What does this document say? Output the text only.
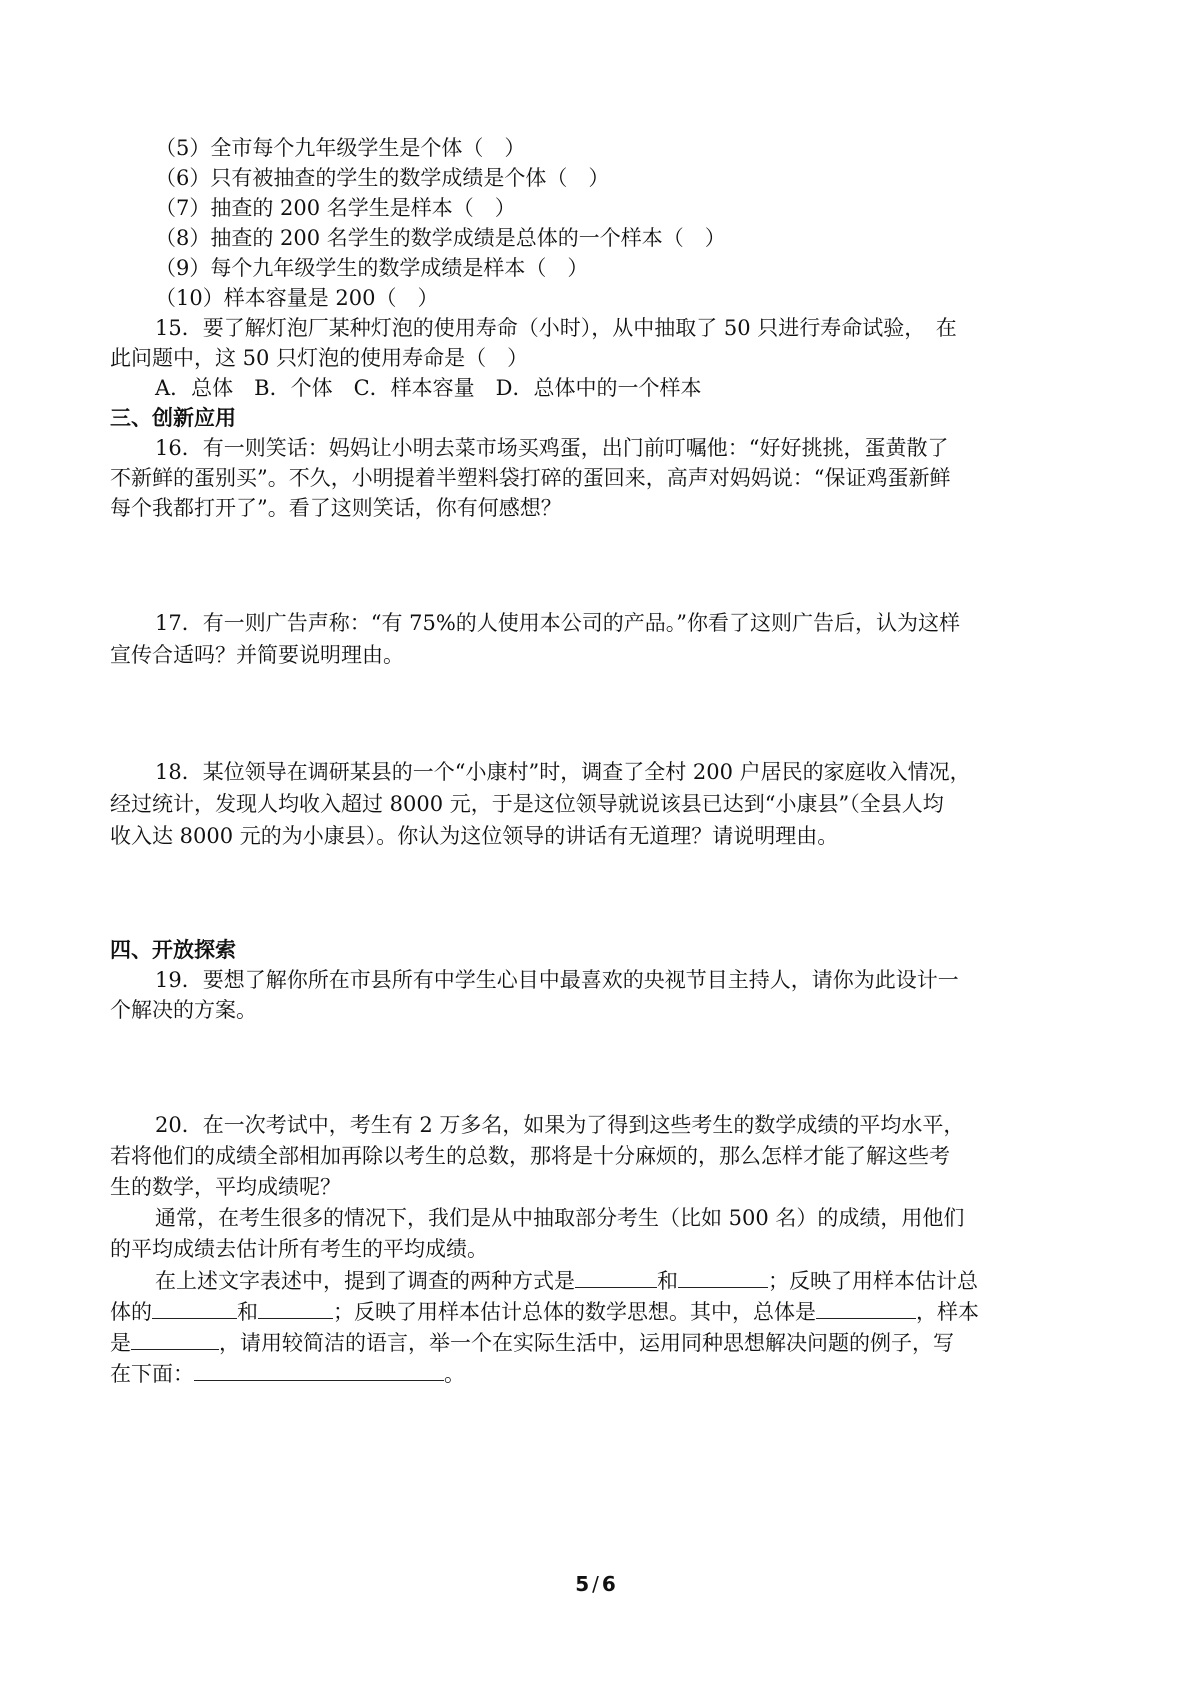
（5）全市每个九年级学生是个体（　）
（6）只有被抽查的学生的数学成绩是个体（　）
（7）抽查的 200 名学生是样本（　）
（8）抽查的 200 名学生的数学成绩是总体的一个样本（　）
（9）每个九年级学生的数学成绩是样本（　）
（10）样本容量是 200（　）
15．要了解灯泡厂某种灯泡的使用寿命（小时），从中抽取了 50 只进行寿命试验，　在
此问题中，这 50 只灯泡的使用寿命是（　）
A．总体　B．个体　C．样本容量　D．总体中的一个样本
三、创新应用
16．有一则笑话：妈妈让小明去菜市场买鸡蛋，出门前叮嘱他：“好好挑挑，蛋黄散了
不新鲜的蛋别买”。不久，小明提着半塑料袋打碎的蛋回来，高声对妈妈说：“保证鸡蛋新鲜
每个我都打开了”。看了这则笑话，你有何感想？
17．有一则广告声称：“有 75%的人使用本公司的产品。”你看了这则广告后，认为这样
宣传合适吗？并简要说明理由。
18．某位领导在调研某县的一个“小康村”时，调查了全村 200 户居民的家庭收入情况，
经过统计，发现人均收入超过 8000 元，于是这位领导就说该县已达到“小康县”（全县人均
收入达 8000 元的为小康县）。你认为这位领导的讲话有无道理？请说明理由。
四、开放探索
19．要想了解你所在市县所有中学生心目中最喜欢的央视节目主持人，请你为此设计一
个解决的方案。
20．在一次考试中，考生有 2 万多名，如果为了得到这些考生的数学成绩的平均水平，
若将他们的成绩全部相加再除以考生的总数，那将是十分麻烦的，那么怎样才能了解这些考
生的数学，平均成绩呢？
通常，在考生很多的情况下，我们是从中抽取部分考生（比如 500 名）的成绩，用他们
的平均成绩去估计所有考生的平均成绩。
在上述文字表述中，提到了调查的两种方式是	和	；反映了用样本估计总
体的	和	；反映了用样本估计总体的数学思想。其中，总体是	，样本
是	，请用较简洁的语言，举一个在实际生活中，运用同种思想解决问题的例子，写
在下面：	。
5 / 6
